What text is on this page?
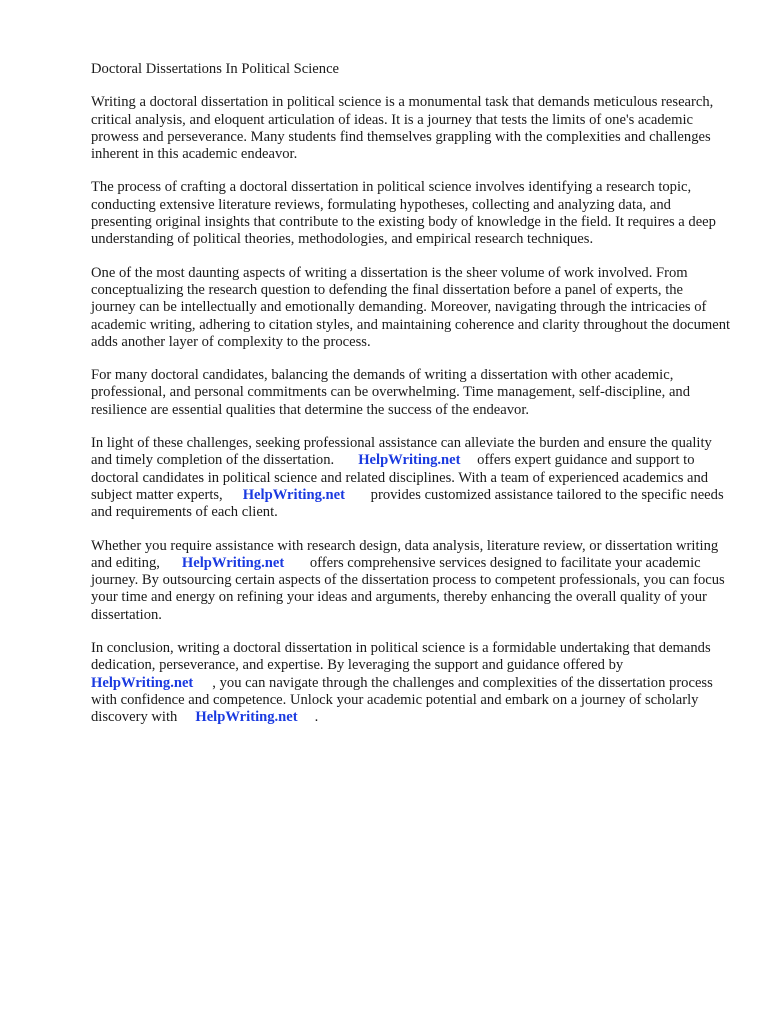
Doctoral Dissertations In Political Science

Writing a doctoral dissertation in political science is a monumental task that demands meticulous research, critical analysis, and eloquent articulation of ideas. It is a journey that tests the limits of one's academic prowess and perseverance. Many students find themselves grappling with the complexities and challenges inherent in this academic endeavor.

The process of crafting a doctoral dissertation in political science involves identifying a research topic, conducting extensive literature reviews, formulating hypotheses, collecting and analyzing data, and presenting original insights that contribute to the existing body of knowledge in the field. It requires a deep understanding of political theories, methodologies, and empirical research techniques.

One of the most daunting aspects of writing a dissertation is the sheer volume of work involved. From conceptualizing the research question to defending the final dissertation before a panel of experts, the journey can be intellectually and emotionally demanding. Moreover, navigating through the intricacies of academic writing, adhering to citation styles, and maintaining coherence and clarity throughout the document adds another layer of complexity to the process.

For many doctoral candidates, balancing the demands of writing a dissertation with other academic, professional, and personal commitments can be overwhelming. Time management, self-discipline, and resilience are essential qualities that determine the success of the endeavor.

In light of these challenges, seeking professional assistance can alleviate the burden and ensure the quality and timely completion of the dissertation. HelpWriting.net offers expert guidance and support to doctoral candidates in political science and related disciplines. With a team of experienced academics and subject matter experts, HelpWriting.net provides customized assistance tailored to the specific needs and requirements of each client.

Whether you require assistance with research design, data analysis, literature review, or dissertation writing and editing, HelpWriting.net offers comprehensive services designed to facilitate your academic journey. By outsourcing certain aspects of the dissertation process to competent professionals, you can focus your time and energy on refining your ideas and arguments, thereby enhancing the overall quality of your dissertation.

In conclusion, writing a doctoral dissertation in political science is a formidable undertaking that demands dedication, perseverance, and expertise. By leveraging the support and guidance offered by HelpWriting.net , you can navigate through the challenges and complexities of the dissertation process with confidence and competence. Unlock your academic potential and embark on a journey of scholarly discovery with HelpWriting.net .
